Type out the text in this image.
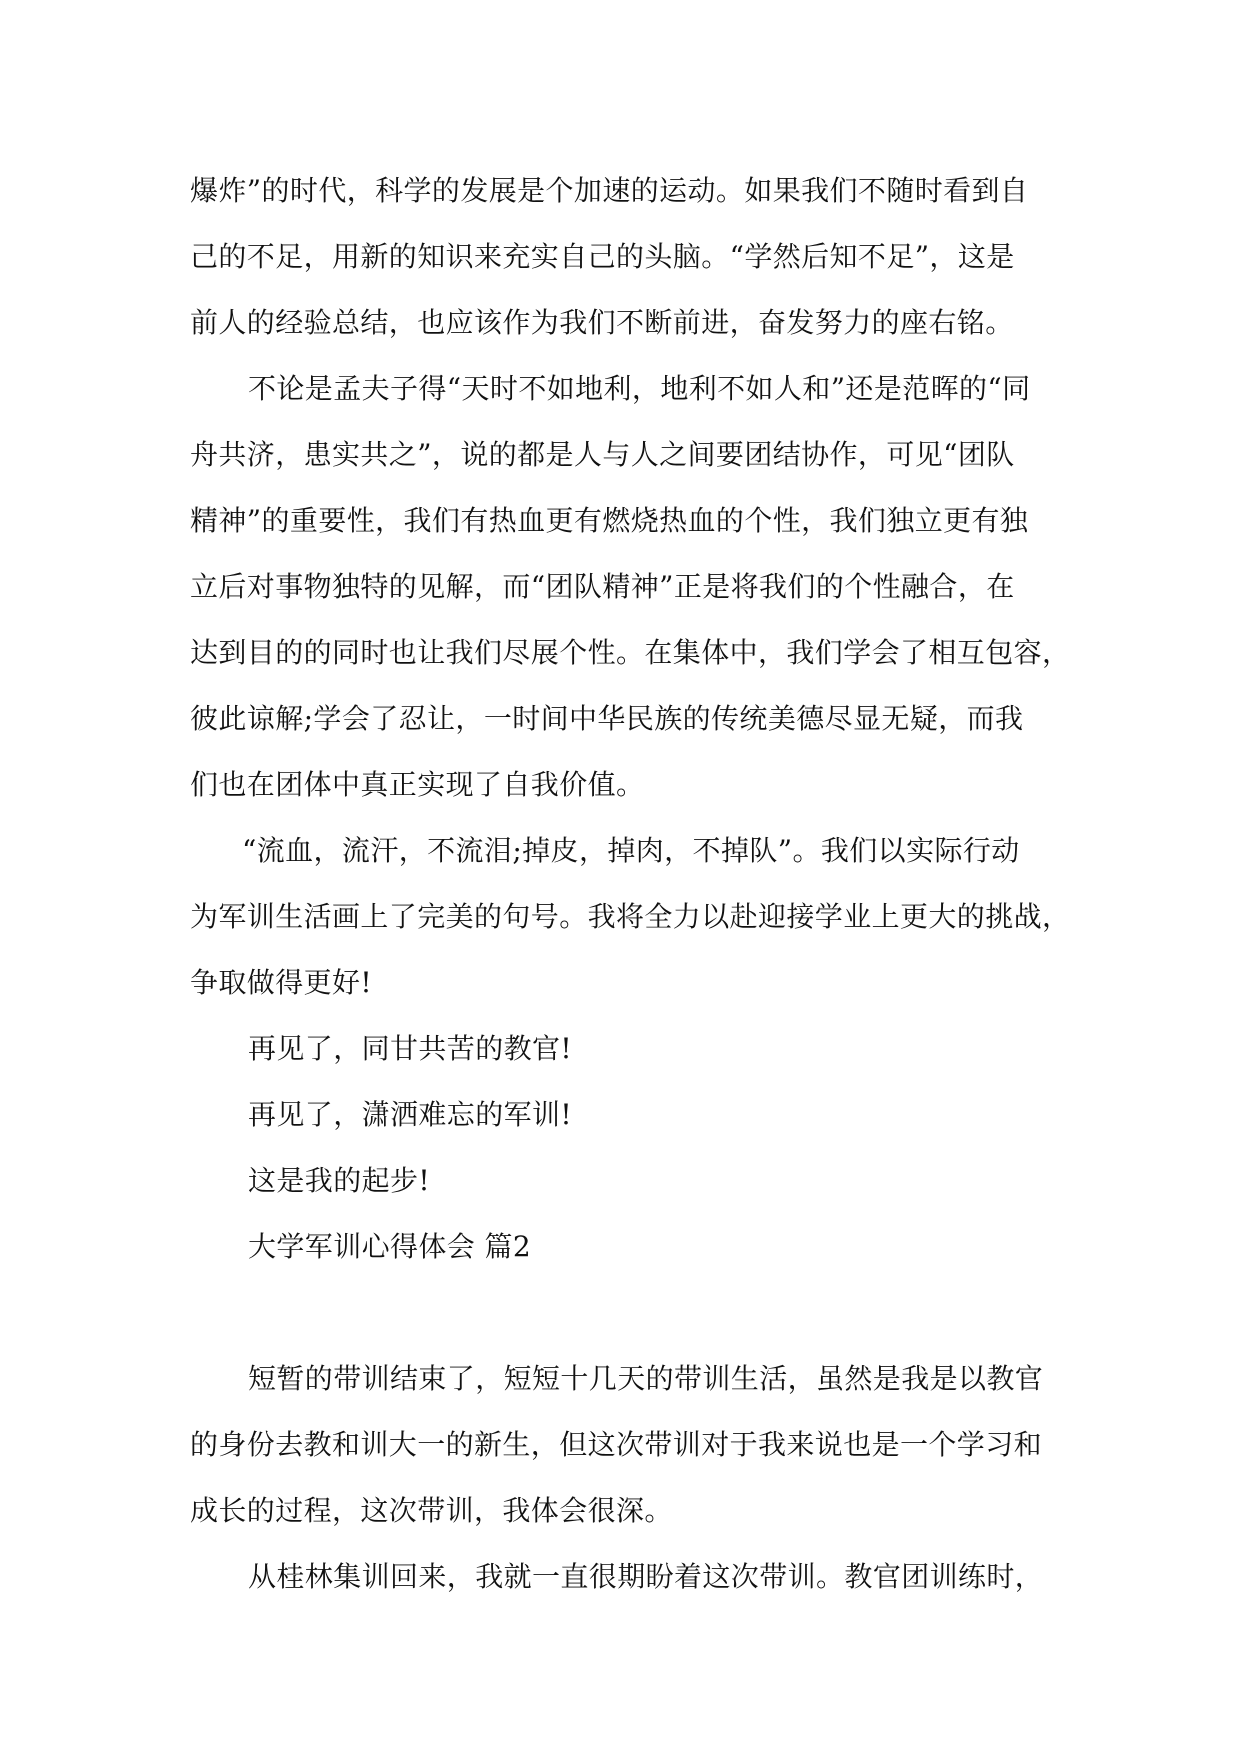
爆炸”的时代，科学的发展是个加速的运动。如果我们不随时看到自
己的不足，用新的知识来充实自己的头脑。“学然后知不足”，这是
前人的经验总结，也应该作为我们不断前进，奋发努力的座右铭。
不论是孟夫子得“天时不如地利，地利不如人和”还是范晖的“同
舟共济，患实共之”，说的都是人与人之间要团结协作，可见“团队
精神”的重要性，我们有热血更有燃烧热血的个性，我们独立更有独
立后对事物独特的见解，而“团队精神”正是将我们的个性融合，在
达到目的的同时也让我们尽展个性。在集体中，我们学会了相互包容，
彼此谅解;学会了忍让，一时间中华民族的传统美德尽显无疑，而我
们也在团体中真正实现了自我价值。
“流血，流汗，不流泪;掉皮，掉肉，不掉队”。我们以实际行动
为军训生活画上了完美的句号。我将全力以赴迎接学业上更大的挑战，
争取做得更好!
再见了，同甘共苦的教官!
再见了，潇洒难忘的军训!
这是我的起步!
大学军训心得体会 篇2
短暂的带训结束了，短短十几天的带训生活，虽然是我是以教官
的身份去教和训大一的新生，但这次带训对于我来说也是一个学习和
成长的过程，这次带训，我体会很深。
从桂林集训回来，我就一直很期盼着这次带训。教官团训练时，
